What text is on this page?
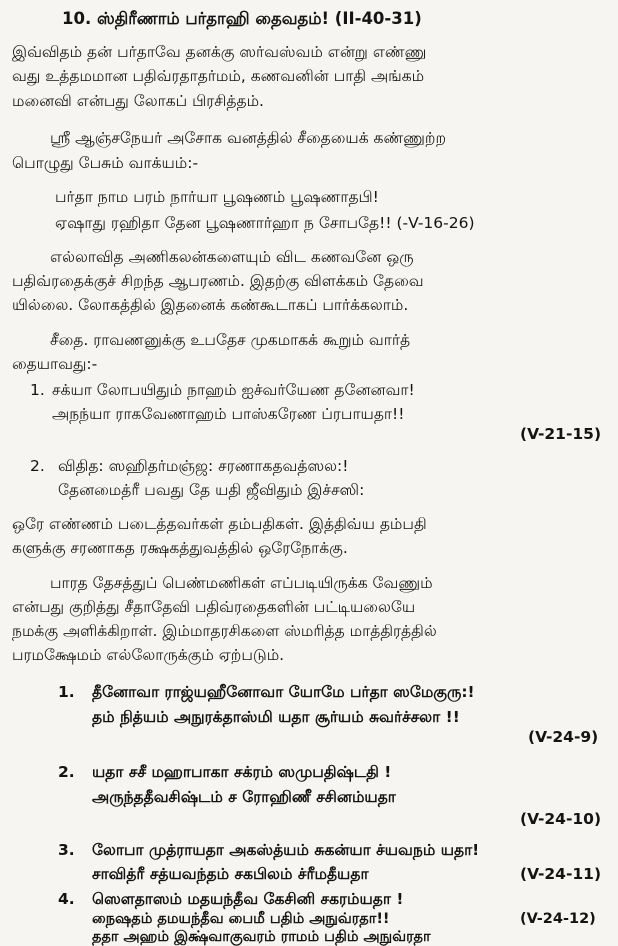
10. ஸ்திரீணாம் பர்தாஹி தைவதம்! (II-40-31)

இவ்விதம் தன் பர்தாவே தனக்கு ஸர்வஸ்வம் என்று எண்ணு

வது உத்தமமான பதிவ்ரதாதர்மம், கணவனின் பாதி அங்கம்

மனைவி என்பது லோகப் பிரசித்தம்.

ஸ்ரீ ஆஞ்சநேயர் அசோக வனத்தில் சீதையைக் கண்ணுற்ற

பொழுது பேசும் வாக்யம்:-

பர்தா நாம பரம் நார்யா பூஷணம் பூஷணாதபி!

ஏஷாது ரஹிதா தேன பூஷணார்ஹா ந சோபதே!! (-V-16-26)

எல்லாவித அணிகலன்களையும் விட கணவனே ஒரு

பதிவ்ரதைக்குச் சிறந்த ஆபரணம். இதற்கு விளக்கம் தேவை

யில்லை. லோகத்தில் இதனைக் கண்கூடாகப் பார்க்கலாம்.

சீதை. ராவணனுக்கு உபதேச முகமாகக் கூறும் வார்த்

தையாவது:-

1. சக்யா லோபயிதும் நாஹம் ஐச்வர்யேண தனேனவா!

அநந்யா ராகவேணாஹம் பாஸ்கரேண ப்ரபாயதா!!

(V-21-15)
2. விதித: ஸஹிதர்மஞ்ஜ: சரணாகதவத்ஸல:!

தேனமைத்ரீ பவது தே யதி ஜீவிதும் இச்சஸி:

ஒரே எண்ணம் படைத்தவர்கள் தம்பதிகள். இத்திவ்ய தம்பதி

களுக்கு சரணாகத ரக்ஷகத்துவத்தில் ஒரேநோக்கு.

பாரத தேசத்துப் பெண்மணிகள் எப்படியிருக்க வேணும்

என்பது குறித்து சீதாதேவி பதிவ்ரதைகளின் பட்டியலையே

நமக்கு அளிக்கிறாள். இம்மாதரசிகளை ஸ்மரித்த மாத்திரத்தில்

பரமக்ஷேமம் எல்லோருக்கும் ஏற்படும்.

1. தீனோவா ராஜ்யஹீனோவா யோமே பர்தா ஸமேகுரு:!

தம் நித்யம் அநுரக்தாஸ்மி யதா சூர்யம் சுவர்ச்சலா !!

(V-24-9)
2. யதா சசீ மஹாபாகா சக்ரம் ஸமுபதிஷ்டதி !

அருந்ததீவசிஷ்டம் ச ரோஹிணீ சசினம்யதா

(V-24-10)
3. லோபா முத்ராயதா அகஸ்த்யம் சுகன்யா ச்யவநம் யதா!

சாவித்ரீ சத்யவந்தம் சகபிலம் ச்ரீமதீயதா	(V-24-11)
4. ஸௌதாஸம் மதயந்தீவ கேசினி சகரம்யதா !

நைஷதம் தமயந்தீவ பைமீ பதிம் அநுவ்ரதா!!

ததா அஹம் இக்ஷ்வாகுவரம் ராமம் பதிம் அநுவ்ரதா

(V-24-12)
